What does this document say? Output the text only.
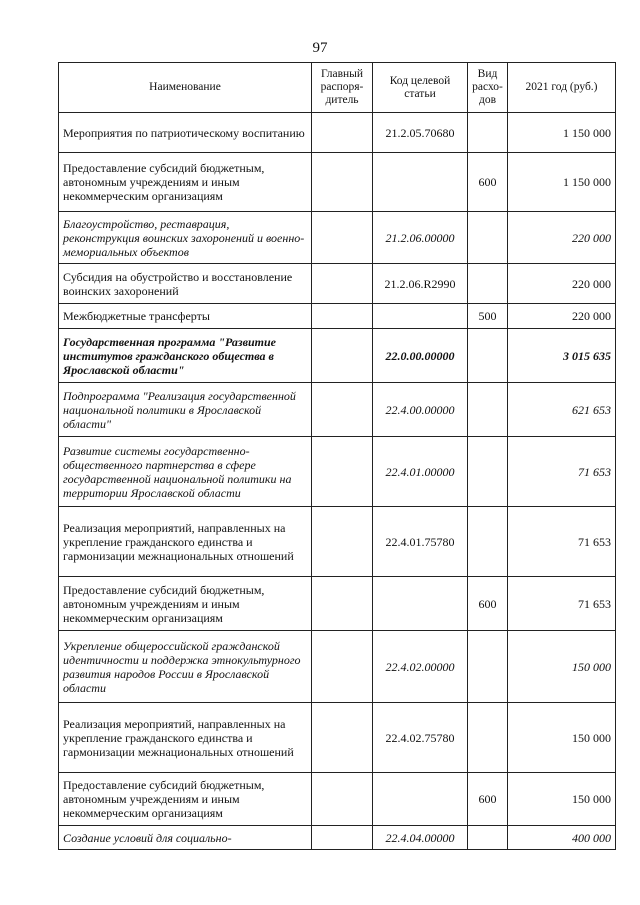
97
Наименование	Главный распоря-дитель	Код целевой статьи	Вид расхо-дов	2021 год (руб.)
Мероприятия по патриотическому воспитанию		21.2.05.70680		1 150 000
Предоставление субсидий бюджетным, автономным учреждениям и иным некоммерческим организациям			600	1 150 000
Благоустройство, реставрация, реконструкция воинских захоронений и военно-мемориальных объектов		21.2.06.00000		220 000
Субсидия на обустройство и восстановление воинских захоронений		21.2.06.R2990		220 000
Межбюджетные трансферты			500	220 000
Государственная программа "Развитие институтов гражданского общества в Ярославской области"		22.0.00.00000		3 015 635
Подпрограмма "Реализация государственной национальной политики в Ярославской области"		22.4.00.00000		621 653
Развитие системы государственно-общественного партнерства в сфере государственной национальной политики на территории Ярославской области		22.4.01.00000		71 653
Реализация мероприятий, направленных на укрепление гражданского единства и гармонизации межнациональных отношений		22.4.01.75780		71 653
Предоставление субсидий бюджетным, автономным учреждениям и иным некоммерческим организациям			600	71 653
Укрепление общероссийской гражданской идентичности и поддержка этнокультурного развития народов России в Ярославской области		22.4.02.00000		150 000
Реализация мероприятий, направленных на укрепление гражданского единства и гармонизации межнациональных отношений		22.4.02.75780		150 000
Предоставление субсидий бюджетным, автономным учреждениям и иным некоммерческим организациям			600	150 000
Создание условий для социально-		22.4.04.00000		400 000
